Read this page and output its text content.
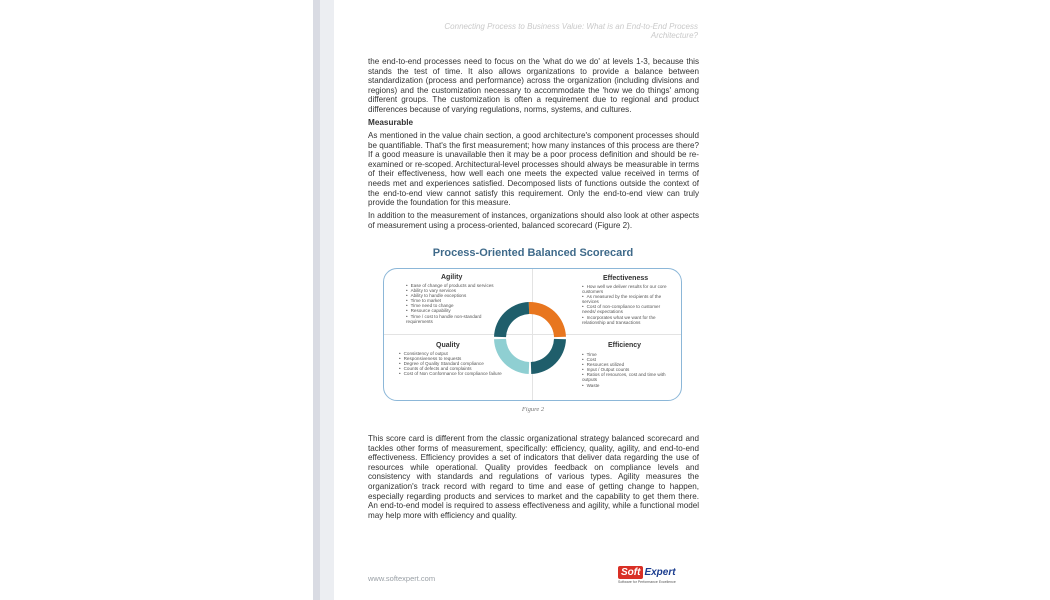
Connecting Process to Business Value: What is an End-to-End Process Architecture?

the end-to-end processes need to focus on the 'what do we do' at levels 1-3, because this stands the test of time. It also allows organizations to provide a balance between standardization (process and performance) across the organization (including divisions and regions) and the customization necessary to accommodate the 'how we do things' among different groups. The customization is often a requirement due to regional and product differences because of varying regulations, norms, systems, and cultures.

Measurable

As mentioned in the value chain section, a good architecture's component processes should be quantifiable. That's the first measurement; how many instances of this process are there? If a good measure is unavailable then it may be a poor process definition and should be re-examined or re-scoped. Architectural-level processes should always be measurable in terms of their effectiveness, how well each one meets the expected value received in terms of needs met and experiences satisfied. Decomposed lists of functions outside the context of the end-to-end view cannot satisfy this requirement. Only the end-to-end view can truly provide the foundation for this measure.

In addition to the measurement of instances, organizations should also look at other aspects of measurement using a process-oriented, balanced scorecard (Figure 2).

Process-Oriented Balanced Scorecard
Agility
• Ease of change of products and services
• Ability to vary services
• Ability to handle exceptions
• Time to market
• Time need to change
• Resource capability
• Time / cost to handle non-standard requirements
Effectiveness
• How well we deliver results for our core customers
• As measured by the recipients of the services
• Cost of non-compliance to customer needs/ expectations
• Incorporates what we want for the relationship and transactions
Quality
• Consistency of output
• Responsiveness to requests
• Degree of Quality Standard compliance
• Counts of defects and complaints
• Cost of Non Conformance for compliance failure
Efficiency
• Time
• Cost
• Resources utilized
• Input / Output counts
• Ratios of resources, cost and time with outputs
• Waste
Figure 2

This score card is different from the classic organizational strategy balanced scorecard and tackles other forms of measurement, specifically: efficiency, quality, agility, and end-to-end effectiveness. Efficiency provides a set of indicators that deliver data regarding the use of resources while operational. Quality provides feedback on compliance levels and consistency with standards and regulations of various types. Agility measures the organization's track record with regard to time and ease of getting change to happen, especially regarding products and services to market and the capability to get them there. An end-to-end model is required to assess effectiveness and agility, while a functional model may help more with efficiency and quality.

www.softexpert.com
Soft Expert
Software for Performance Excellence
